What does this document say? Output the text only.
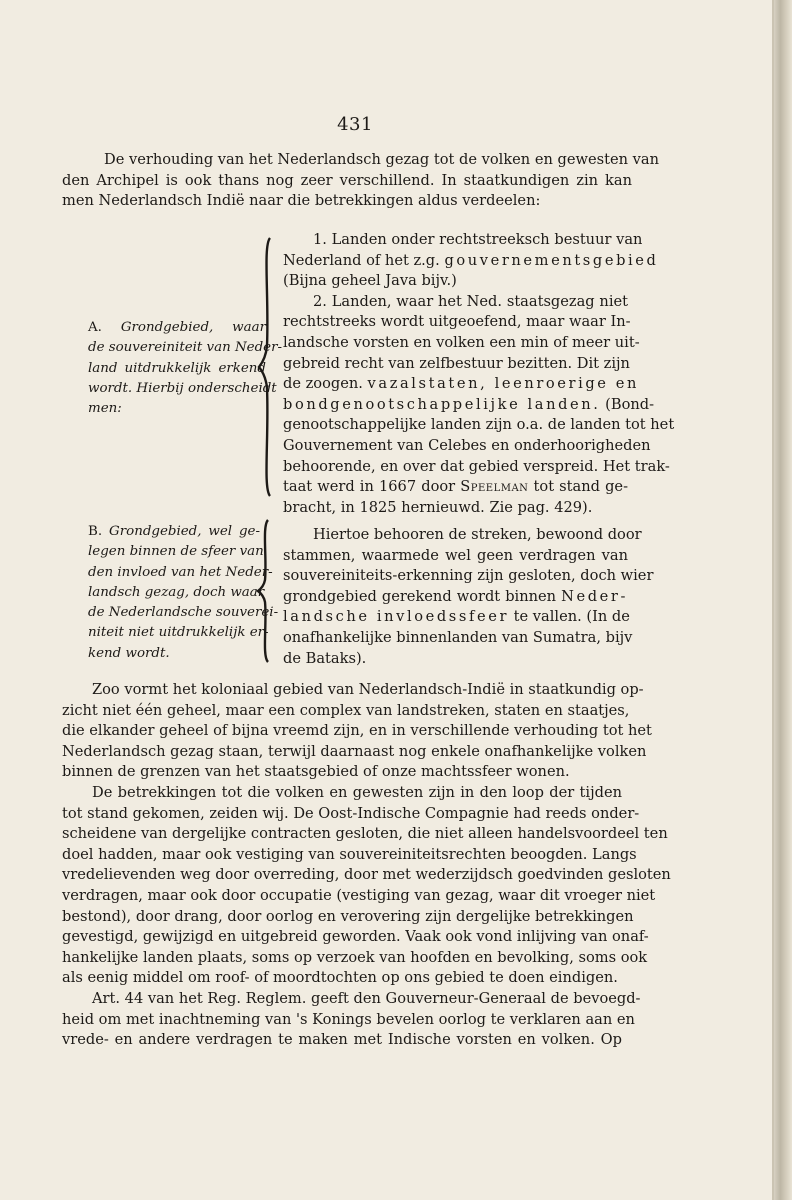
431

De verhouding van het Nederlandsch gezag tot de volken en gewesten van
den Archipel is ook thans nog zeer verschillend. In staatkundigen zin kan
men Nederlandsch Indië naar die betrekkingen aldus verdeelen:

A. Grondgebied, waar
de souvereiniteit van Neder-
land uitdrukkelijk erkend
wordt. Hierbij onderscheidt
men:

1. Landen onder rechtstreeksch bestuur van
Nederland of het z.g. gouvernementsgebied
(Bijna geheel Java bijv.)
2. Landen, waar het Ned. staatsgezag niet
rechtstreeks wordt uitgeoefend, maar waar In-
landsche vorsten en volken een min of meer uit-
gebreid recht van zelfbestuur bezitten. Dit zijn
de zoogen. vazalstaten, leenroerige en
bondgenootschappelijke landen. (Bond-
genootschappelijke landen zijn o.a. de landen tot het
Gouvernement van Celebes en onderhoorigheden
behoorende, en over dat gebied verspreid. Het trak-
taat werd in 1667 door Speelman tot stand ge-
bracht, in 1825 hernieuwd. Zie pag. 429).

B. Grondgebied, wel ge-
legen binnen de sfeer van
den invloed van het Neder-
landsch gezag, doch waar
de Nederlandsche souverei-
niteit niet uitdrukkelijk er-
kend wordt.

Hiertoe behooren de streken, bewoond door
stammen, waarmede wel geen verdragen van
souvereiniteits-erkenning zijn gesloten, doch wier
grondgebied gerekend wordt binnen Neder-
landsche invloedssfeer te vallen. (In de
onafhankelijke binnenlanden van Sumatra, bijv
de Bataks).

Zoo vormt het koloniaal gebied van Nederlandsch-Indië in staatkundig op-
zicht niet één geheel, maar een complex van landstreken, staten en staatjes,
die elkander geheel of bijna vreemd zijn, en in verschillende verhouding tot het
Nederlandsch gezag staan, terwijl daarnaast nog enkele onafhankelijke volken
binnen de grenzen van het staatsgebied of onze machtssfeer wonen.
De betrekkingen tot die volken en gewesten zijn in den loop der tijden
tot stand gekomen, zeiden wij. De Oost-Indische Compagnie had reeds onder-
scheidene van dergelijke contracten gesloten, die niet alleen handelsvoordeel ten
doel hadden, maar ook vestiging van souvereiniteitsrechten beoogden. Langs
vredelievenden weg door overreding, door met wederzijdsch goedvinden gesloten
verdragen, maar ook door occupatie (vestiging van gezag, waar dit vroeger niet
bestond), door drang, door oorlog en verovering zijn dergelijke betrekkingen
gevestigd, gewijzigd en uitgebreid geworden. Vaak ook vond inlijving van onaf-
hankelijke landen plaats, soms op verzoek van hoofden en bevolking, soms ook
als eenig middel om roof- of moordtochten op ons gebied te doen eindigen.
Art. 44 van het Reg. Reglem. geeft den Gouverneur-Generaal de bevoegd-
heid om met inachtneming van 's Konings bevelen oorlog te verklaren aan en
vrede- en andere verdragen te maken met Indische vorsten en volken. Op
